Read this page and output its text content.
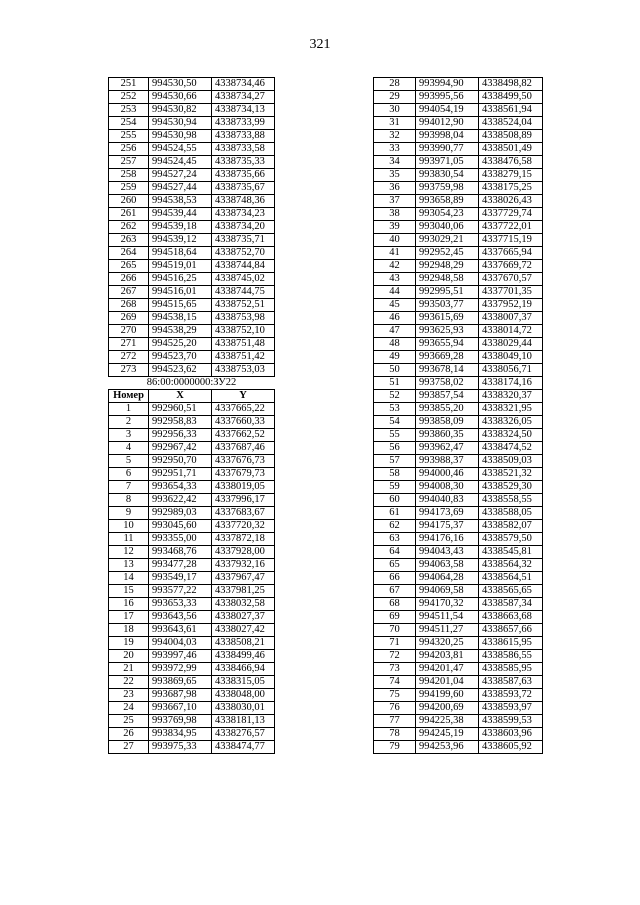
321
251	994530,50	4338734,46
252	994530,66	4338734,27
253	994530,82	4338734,13
254	994530,94	4338733,99
255	994530,98	4338733,88
256	994524,55	4338733,58
257	994524,45	4338735,33
258	994527,24	4338735,66
259	994527,44	4338735,67
260	994538,53	4338748,36
261	994539,44	4338734,23
262	994539,18	4338734,20
263	994539,12	4338735,71
264	994518,64	4338752,70
265	994519,01	4338744,84
266	994516,25	4338745,02
267	994516,01	4338744,75
268	994515,65	4338752,51
269	994538,15	4338753,98
270	994538,29	4338752,10
271	994525,20	4338751,48
272	994523,70	4338751,42
273	994523,62	4338753,03
86:00:0000000:ЗУ22		
Номер	X	Y
1	992960,51	4337665,22
2	992958,83	4337660,33
3	992956,33	4337662,52
4	992967,42	4337687,46
5	992950,70	4337676,73
6	992951,71	4337679,73
7	993654,33	4338019,05
8	993622,42	4337996,17
9	992989,03	4337683,67
10	993045,60	4337720,32
11	993355,00	4337872,18
12	993468,76	4337928,00
13	993477,28	4337932,16
14	993549,17	4337967,47
15	993577,22	4337981,25
16	993653,33	4338032,58
17	993643,56	4338027,37
18	993643,61	4338027,42
19	994004,03	4338508,21
20	993997,46	4338499,46
21	993972,99	4338466,94
22	993869,65	4338315,05
23	993687,98	4338048,00
24	993667,10	4338030,01
25	993769,98	4338181,13
26	993834,95	4338276,57
27	993975,33	4338474,77
28	993994,90	4338498,82
29	993995,56	4338499,50
30	994054,19	4338561,94
31	994012,90	4338524,04
32	993998,04	4338508,89
33	993990,77	4338501,49
34	993971,05	4338476,58
35	993830,54	4338279,15
36	993759,98	4338175,25
37	993658,89	4338026,43
38	993054,23	4337729,74
39	993040,06	4337722,01
40	993029,21	4337715,19
41	992952,45	4337665,94
42	992948,29	4337669,72
43	992948,58	4337670,57
44	992995,51	4337701,35
45	993503,77	4337952,19
46	993615,69	4338007,37
47	993625,93	4338014,72
48	993655,94	4338029,44
49	993669,28	4338049,10
50	993678,14	4338056,71
51	993758,02	4338174,16
52	993857,54	4338320,37
53	993855,20	4338321,95
54	993858,09	4338326,05
55	993860,35	4338324,50
56	993962,47	4338474,52
57	993988,37	4338509,03
58	994000,46	4338521,32
59	994008,30	4338529,30
60	994040,83	4338558,55
61	994173,69	4338588,05
62	994175,37	4338582,07
63	994176,16	4338579,50
64	994043,43	4338545,81
65	994063,58	4338564,32
66	994064,28	4338564,51
67	994069,58	4338565,65
68	994170,32	4338587,34
69	994511,54	4338663,68
70	994511,27	4338657,66
71	994320,25	4338615,95
72	994203,81	4338586,55
73	994201,47	4338585,95
74	994201,04	4338587,63
75	994199,60	4338593,72
76	994200,69	4338593,97
77	994225,38	4338599,53
78	994245,19	4338603,96
79	994253,96	4338605,92
